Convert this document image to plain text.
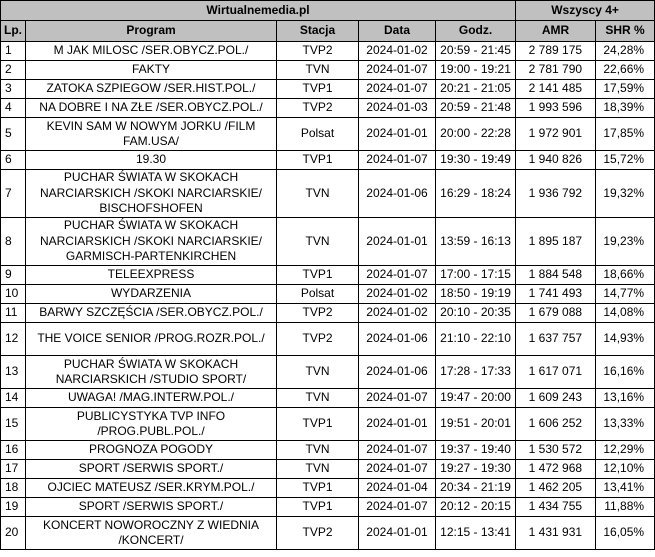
Wirtualnemedia.pl					Wszyscy 4+	
Lp.	Program	Stacja	Data	Godz.	AMR	SHR %
1	M JAK MILOSC /SER.OBYCZ.POL./	TVP2	2024-01-02	20:59 - 21:45	2 789 175	24,28%
2	FAKTY	TVN	2024-01-07	19:00 - 19:21	2 781 790	22,66%
3	ZATOKA SZPIEGOW /SER.HIST.POL./	TVP1	2024-01-07	20:21 - 21:05	2 141 485	17,59%
4	NA DOBRE I NA ZŁE /SER.OBYCZ.POL./	TVP2	2024-01-03	20:59 - 21:48	1 993 596	18,39%
5	KEVIN SAM W NOWYM JORKU /FILM FAM.USA/	Polsat	2024-01-01	20:00 - 22:28	1 972 901	17,85%
6	19.30	TVP1	2024-01-07	19:30 - 19:49	1 940 826	15,72%
7	PUCHAR ŚWIATA W SKOKACH NARCIARSKICH /SKOKI NARCIARSKIE/ BISCHOFSHOFEN	TVN	2024-01-06	16:29 - 18:24	1 936 792	19,32%
8	PUCHAR ŚWIATA W SKOKACH NARCIARSKICH /SKOKI NARCIARSKIE/ GARMISCH-PARTENKIRCHEN	TVN	2024-01-01	13:59 - 16:13	1 895 187	19,23%
9	TELEEXPRESS	TVP1	2024-01-07	17:00 - 17:15	1 884 548	18,66%
10	WYDARZENIA	Polsat	2024-01-02	18:50 - 19:19	1 741 493	14,77%
11	BARWY SZCZĘŚCIA /SER.OBYCZ.POL./	TVP2	2024-01-02	20:10 - 20:35	1 679 088	14,08%
12	THE VOICE SENIOR /PROG.ROZR.POL./	TVP2	2024-01-06	21:10 - 22:10	1 637 757	14,93%
13	PUCHAR ŚWIATA W SKOKACH NARCIARSKICH /STUDIO SPORT/	TVN	2024-01-06	17:28 - 17:33	1 617 071	16,16%
14	UWAGA! /MAG.INTERW.POL./	TVN	2024-01-07	19:47 - 20:00	1 609 243	13,16%
15	PUBLICYSTYKA TVP INFO /PROG.PUBL.POL./	TVP1	2024-01-01	19:51 - 20:01	1 606 252	13,33%
16	PROGNOZA POGODY	TVN	2024-01-07	19:37 - 19:40	1 530 572	12,29%
17	SPORT /SERWIS SPORT./	TVN	2024-01-07	19:27 - 19:30	1 472 968	12,10%
18	OJCIEC MATEUSZ /SER.KRYM.POL./	TVP1	2024-01-04	20:34 - 21:19	1 462 205	13,41%
19	SPORT /SERWIS SPORT./	TVP1	2024-01-07	20:12 - 20:15	1 434 755	11,88%
20	KONCERT NOWOROCZNY Z WIEDNIA /KONCERT/	TVP2	2024-01-01	12:15 - 13:41	1 431 931	16,05%
